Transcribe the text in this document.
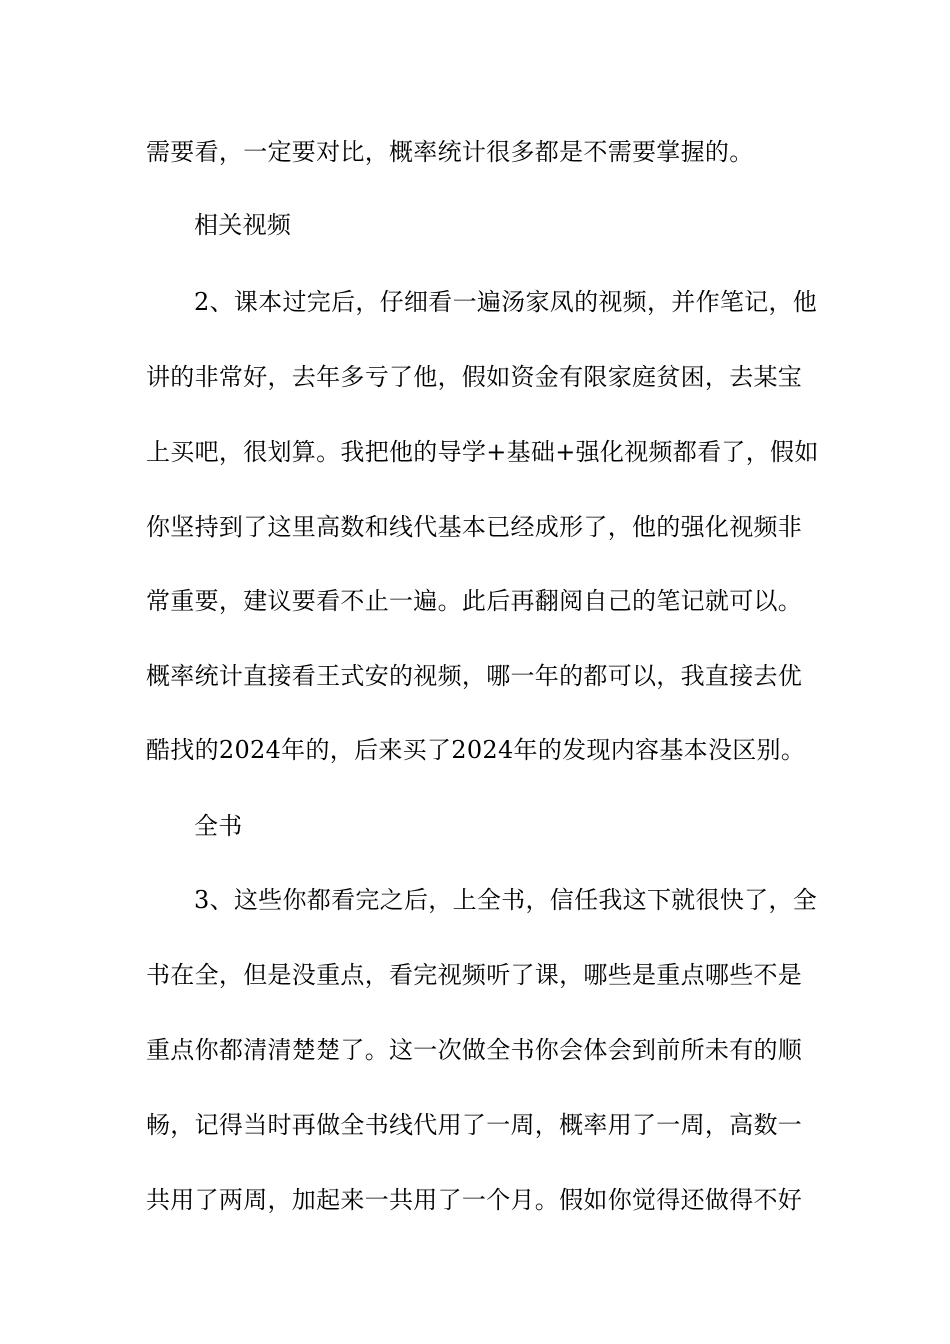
需要看，一定要对比，概率统计很多都是不需要掌握的。
相关视频
2、课本过完后，仔细看一遍汤家凤的视频，并作笔记，他
讲的非常好，去年多亏了他，假如资金有限家庭贫困，去某宝
上买吧，很划算。我把他的导学+基础+强化视频都看了，假如
你坚持到了这里高数和线代基本已经成形了，他的强化视频非
常重要，建议要看不止一遍。此后再翻阅自己的笔记就可以。
概率统计直接看王式安的视频，哪一年的都可以，我直接去优
酷找的2024年的，后来买了2024年的发现内容基本没区别。
全书
3、这些你都看完之后，上全书，信任我这下就很快了，全
书在全，但是没重点，看完视频听了课，哪些是重点哪些不是
重点你都清清楚楚了。这一次做全书你会体会到前所未有的顺
畅，记得当时再做全书线代用了一周，概率用了一周，高数一
共用了两周，加起来一共用了一个月。假如你觉得还做得不好
